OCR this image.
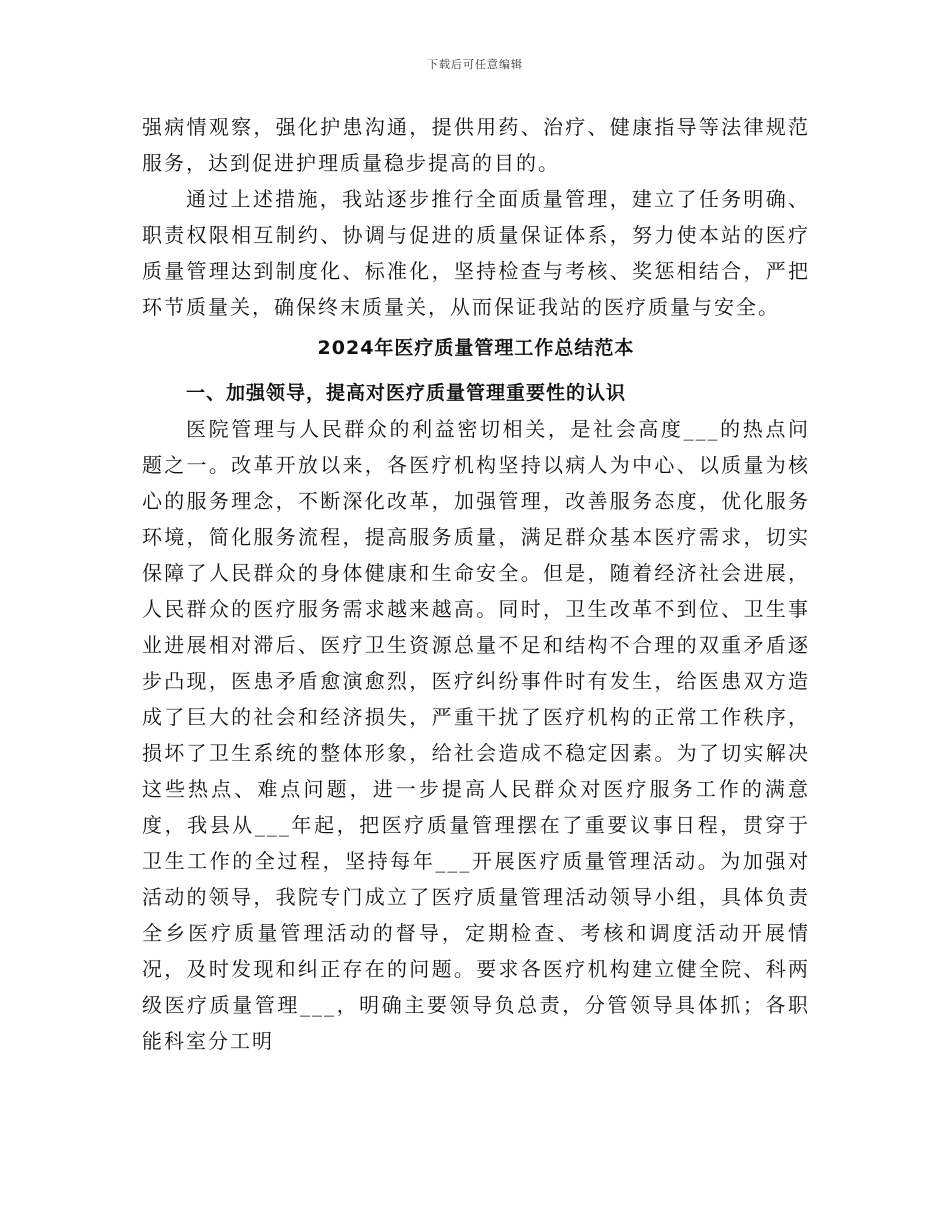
下载后可任意编辑

强病情观察，强化护患沟通，提供用药、治疗、健康指导等法律规范服务，达到促进护理质量稳步提高的目的。

通过上述措施，我站逐步推行全面质量管理，建立了任务明确、职责权限相互制约、协调与促进的质量保证体系，努力使本站的医疗质量管理达到制度化、标准化，坚持检查与考核、奖惩相结合，严把环节质量关，确保终末质量关，从而保证我站的医疗质量与安全。

2024年医疗质量管理工作总结范本
一、加强领导，提高对医疗质量管理重要性的认识

医院管理与人民群众的利益密切相关，是社会高度___的热点问题之一。改革开放以来，各医疗机构坚持以病人为中心、以质量为核心的服务理念，不断深化改革，加强管理，改善服务态度，优化服务环境，简化服务流程，提高服务质量，满足群众基本医疗需求，切实保障了人民群众的身体健康和生命安全。但是，随着经济社会进展，人民群众的医疗服务需求越来越高。同时，卫生改革不到位、卫生事业进展相对滞后、医疗卫生资源总量不足和结构不合理的双重矛盾逐步凸现，医患矛盾愈演愈烈，医疗纠纷事件时有发生，给医患双方造成了巨大的社会和经济损失，严重干扰了医疗机构的正常工作秩序，损坏了卫生系统的整体形象，给社会造成不稳定因素。为了切实解决这些热点、难点问题，进一步提高人民群众对医疗服务工作的满意度，我县从___年起，把医疗质量管理摆在了重要议事日程，贯穿于卫生工作的全过程，坚持每年___开展医疗质量管理活动。为加强对活动的领导，我院专门成立了医疗质量管理活动领导小组，具体负责全乡医疗质量管理活动的督导，定期检查、考核和调度活动开展情况，及时发现和纠正存在的问题。要求各医疗机构建立健全院、科两级医疗质量管理___，明确主要领导负总责，分管领导具体抓；各职能科室分工明
